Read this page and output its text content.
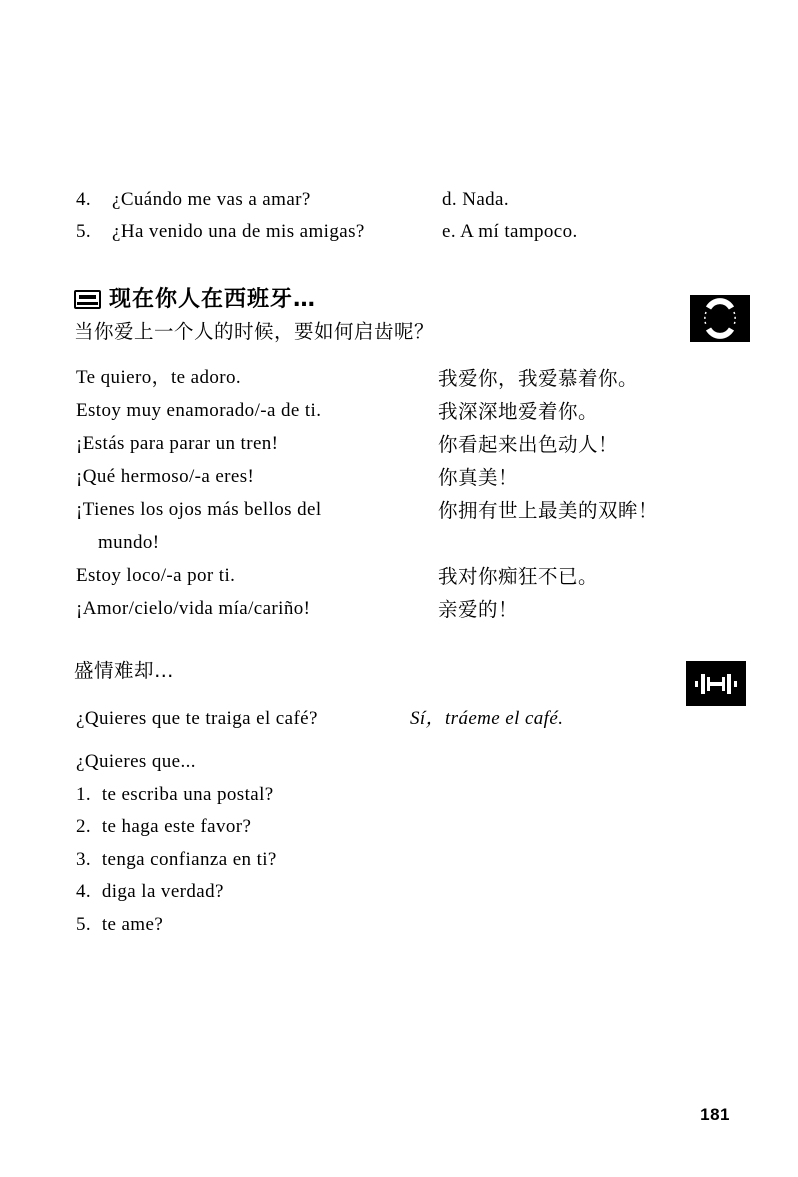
4. ¿Cuándo me vas a amar?	d. Nada.
5. ¿Ha venido una de mis amigas?	e. A mí tampoco.
现在你人在西班牙…
当你爱上一个人的时候，要如何启齿呢？
Te quiero，te adoro.	我爱你，我爱慕着你。
Estoy muy enamorado/-a de ti.	我深深地爱着你。
¡Estás para parar un tren!	你看起来出色动人！
¡Qué hermoso/-a eres!	你真美！
¡Tienes los ojos más bellos del	你拥有世上最美的双眸！
mundo!
Estoy loco/-a por ti.	我对你痴狂不已。
¡Amor/cielo/vida mía/cariño!	亲爱的！
盛情难却…
¿Quieres que te traiga el café?	Sí，tráeme el café.
¿Quieres que...
1. te escriba una postal?
2. te haga este favor?
3. tenga confianza en ti?
4. diga la verdad?
5. te ame?
181
